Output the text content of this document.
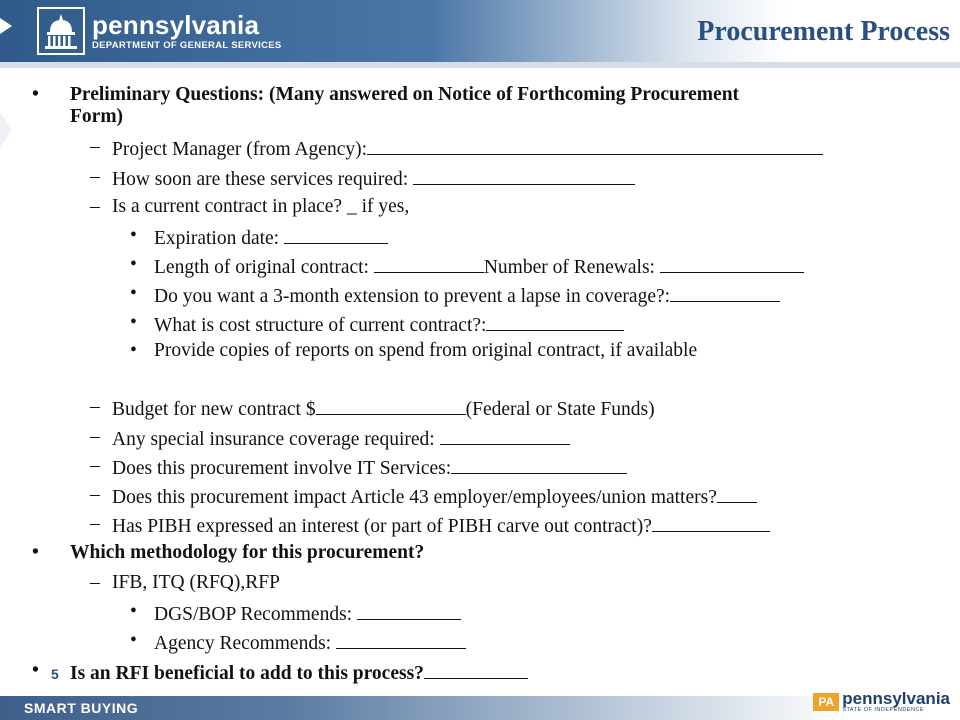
pennsylvania
DEPARTMENT OF GENERAL SERVICES	Procurement Process
• Preliminary Questions: (Many answered on Notice of Forthcoming Procurement
Form)
– Project Manager (from Agency):
– How soon are these services required:
– Is a current contract in place? _ if yes,
• Expiration date:
• Length of original contract:	Number of Renewals:
• Do you want a 3-month extension to prevent a lapse in coverage?:
• What is cost structure of current contract?:
• Provide copies of reports on spend from original contract, if available
– Budget for new contract $	(Federal or State Funds)
– Any special insurance coverage required:
– Does this procurement involve IT Services:
– Does this procurement impact Article 43 employer/employees/union matters?
– Has PIBH expressed an interest (or part of PIBH carve out contract)?
• Which methodology for this procurement?
– IFB, ITQ (RFQ),RFP
• DGS/BOP Recommends:
• Agency Recommends:
• Is an RFI beneficial to add to this process?
5
SMART BUYING	PA pennsylvania
STATE OF INDEPENDENCE
